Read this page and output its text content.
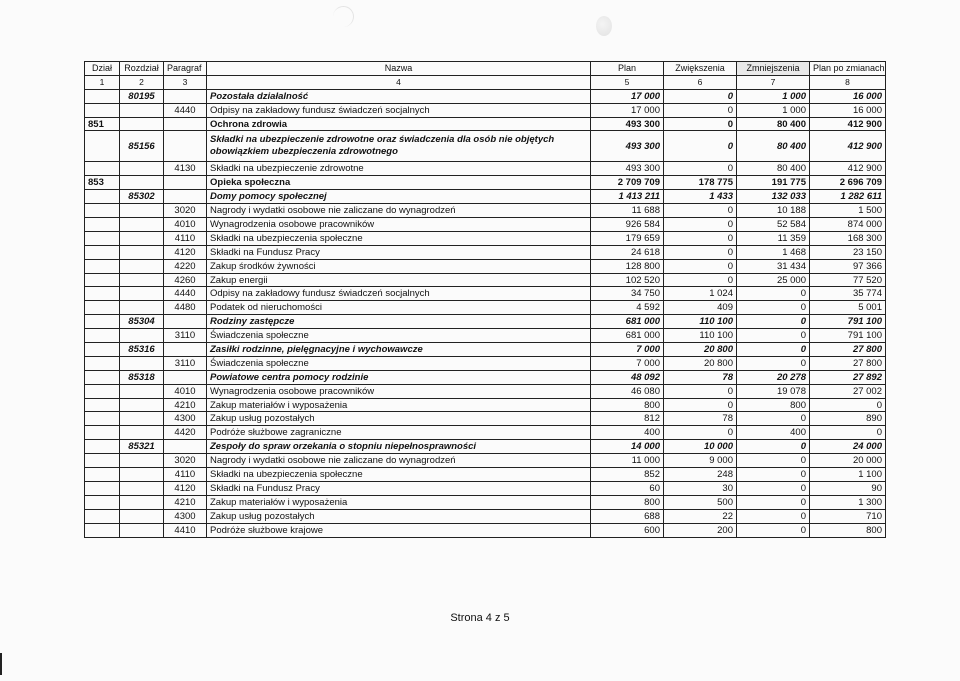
Dział	Rozdział	Paragraf	Nazwa	Plan	Zwiększenia	Zmniejszenia	Plan po zmianach
1	2	3	4	5	6	7	8
	80195		Pozostała działalność	17 000	0	1 000	16 000
		4440	Odpisy na zakładowy fundusz świadczeń socjalnych	17 000	0	1 000	16 000
851			Ochrona zdrowia	493 300	0	80 400	412 900
	85156		Składki na ubezpieczenie zdrowotne oraz świadczenia dla osób nie objętych obowiązkiem ubezpieczenia zdrowotnego	493 300	0	80 400	412 900
		4130	Składki na ubezpieczenie zdrowotne	493 300	0	80 400	412 900
853			Opieka społeczna	2 709 709	178 775	191 775	2 696 709
	85302		Domy pomocy społecznej	1 413 211	1 433	132 033	1 282 611
		3020	Nagrody i wydatki osobowe nie zaliczane do wynagrodzeń	11 688	0	10 188	1 500
		4010	Wynagrodzenia osobowe pracowników	926 584	0	52 584	874 000
		4110	Składki na ubezpieczenia społeczne	179 659	0	11 359	168 300
		4120	Składki na Fundusz Pracy	24 618	0	1 468	23 150
		4220	Zakup środków żywności	128 800	0	31 434	97 366
		4260	Zakup energii	102 520	0	25 000	77 520
		4440	Odpisy na zakładowy fundusz świadczeń socjalnych	34 750	1 024	0	35 774
		4480	Podatek od nieruchomości	4 592	409	0	5 001
	85304		Rodziny zastępcze	681 000	110 100	0	791 100
		3110	Świadczenia społeczne	681 000	110 100	0	791 100
	85316		Zasiłki rodzinne, pielęgnacyjne i wychowawcze	7 000	20 800	0	27 800
		3110	Świadczenia społeczne	7 000	20 800	0	27 800
	85318		Powiatowe centra pomocy rodzinie	48 092	78	20 278	27 892
		4010	Wynagrodzenia osobowe pracowników	46 080	0	19 078	27 002
		4210	Zakup materiałów i wyposażenia	800	0	800	0
		4300	Zakup usług pozostałych	812	78	0	890
		4420	Podróże służbowe zagraniczne	400	0	400	0
	85321		Zespoły do spraw orzekania o stopniu niepełnosprawności	14 000	10 000	0	24 000
		3020	Nagrody i wydatki osobowe nie zaliczane do wynagrodzeń	11 000	9 000	0	20 000
		4110	Składki na ubezpieczenia społeczne	852	248	0	1 100
		4120	Składki na Fundusz Pracy	60	30	0	90
		4210	Zakup materiałów i wyposażenia	800	500	0	1 300
		4300	Zakup usług pozostałych	688	22	0	710
		4410	Podróże służbowe krajowe	600	200	0	800
Strona 4 z 5
